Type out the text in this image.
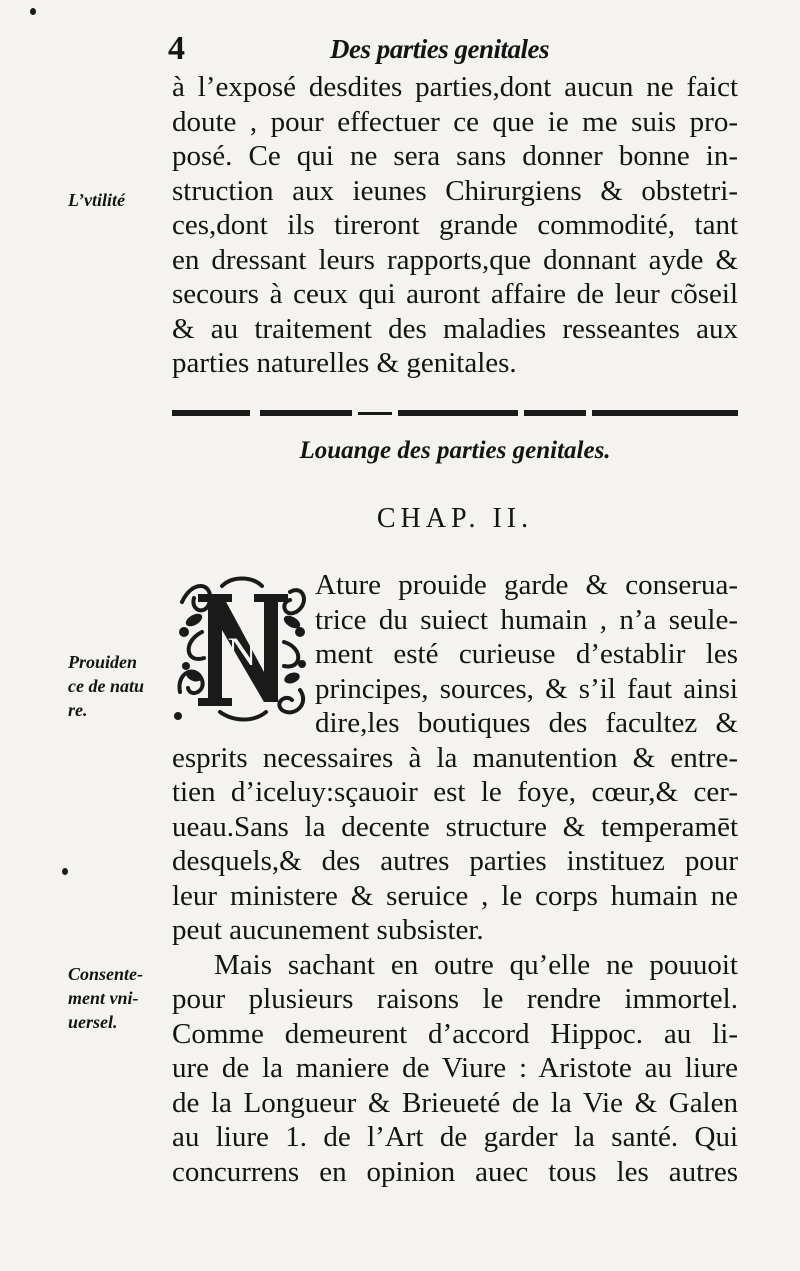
4	Des parties genitales
à l’exposé desdites parties,dont aucun ne faict
doute , pour effectuer ce que ie me suis pro-
posé. Ce qui ne sera sans donner bonne in-
struction aux ieunes Chirurgiens & obstetri-
ces,dont ils tireront grande commodité, tant
en dressant leurs rapports,que donnant ayde &
secours à ceux qui auront affaire de leur cõseil
& au traitement des maladies resseantes aux
parties naturelles & genitales.
L’vtilité
Prouiden
ce de natu
re.
Consente-
ment vni-
uersel.
Louange des parties genitales.
CHAP. II.
N
Ature prouide garde & conserua-
trice du suiect humain , n’a seule-
ment esté curieuse d’establir les
principes, sources, & s’il faut ainsi
dire,les boutiques des facultez &
esprits necessaires à la manutention & entre-
tien d’iceluy:sçauoir est le foye, cœur,& cer-
ueau.Sans la decente structure & temperamēt
desquels,& des autres parties instituez pour
leur ministere & seruice , le corps humain ne
peut aucunement subsister.
Mais sachant en outre qu’elle ne pouuoit
pour plusieurs raisons le rendre immortel.
Comme demeurent d’accord Hippoc. au li-
ure de la maniere de Viure : Aristote au liure
de la Longueur & Brieueté de la Vie & Galen
au liure 1. de l’Art de garder la santé. Qui
concurrens en opinion auec tous les autres
